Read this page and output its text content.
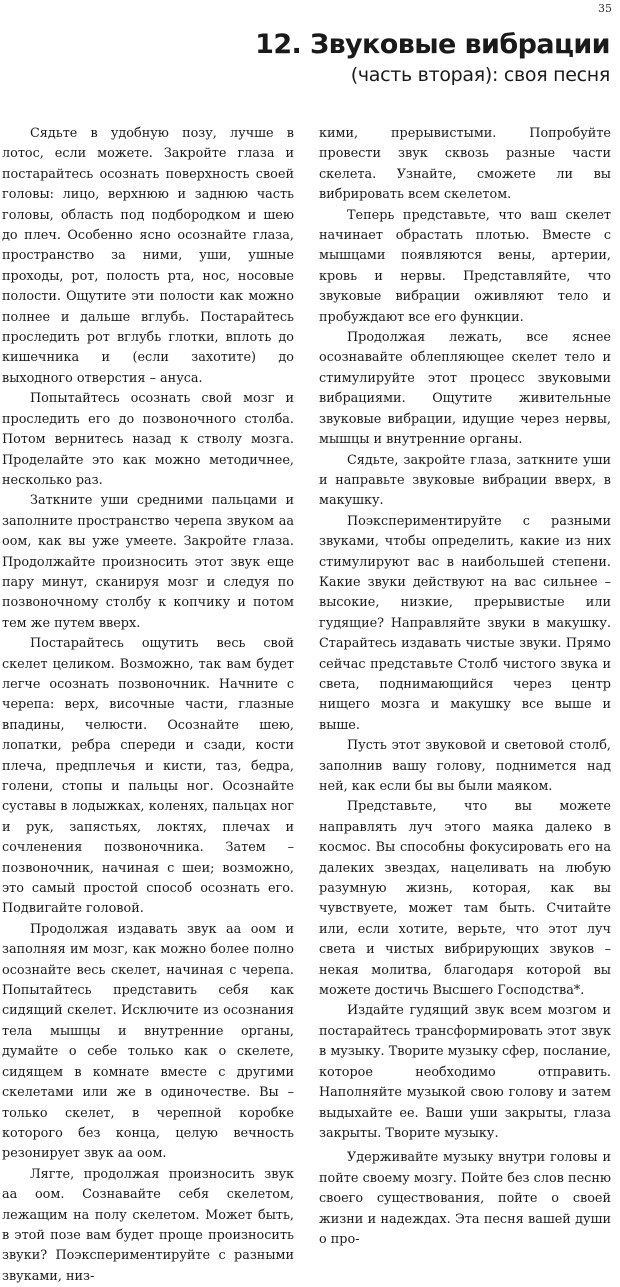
35
12. Звуковые вибрации
(часть вторая): своя песня

Сядьте в удобную позу, лучше в лотос, если можете. Закройте глаза и постарайтесь осознать поверхность своей головы: лицо, верхнюю и заднюю часть головы, область под подбородком и шею до плеч. Особенно ясно осознайте глаза, пространство за ними, уши, ушные проходы, рот, полость рта, нос, носовые полости. Ощутите эти полости как можно полнее и дальше вглубь. Постарайтесь проследить рот вглубь глотки, вплоть до кишечника и (если захотите) до выходного отверстия – ануса.

Попытайтесь осознать свой мозг и проследить его до позвоночного столба. Потом вернитесь назад к стволу мозга. Проделайте это как можно методичнее, несколько раз.

Заткните уши средними пальцами и заполните пространство черепа звуком аа оом, как вы уже умеете. Закройте глаза. Продолжайте произносить этот звук еще пару минут, сканируя мозг и следуя по позвоночному столбу к копчику и потом тем же путем вверх.

Постарайтесь ощутить весь свой скелет целиком. Возможно, так вам будет легче осознать позвоночник. Начните с черепа: верх, височные части, глазные впадины, челюсти. Осознайте шею, лопатки, ребра спереди и сзади, кости плеча, предплечья и кисти, таз, бедра, голени, стопы и пальцы ног. Осознайте суставы в лодыжках, коленях, пальцах ног и рук, запястьях, локтях, плечах и сочленения позвоночника. Затем – позвоночник, начиная с шеи; возможно, это самый простой способ осознать его. Подвигайте головой.

Продолжая издавать звук аа оом и заполняя им мозг, как можно более полно осознайте весь скелет, начиная с черепа. Попытайтесь представить себя как сидящий скелет. Исключите из осознания тела мышцы и внутренние органы, думайте о себе только как о скелете, сидящем в комнате вместе с другими скелетами или же в одиночестве. Вы – только скелет, в черепной коробке которого без конца, целую вечность резонирует звук аа оом.

Лягте, продолжая произносить звук аа оом. Сознавайте себя скелетом, лежащим на полу скелетом. Может быть, в этой позе вам будет проще произносить звуки? Поэкспериментируйте с разными звуками, низ-

кими, прерывистыми. Попробуйте провести звук сквозь разные части скелета. Узнайте, сможете ли вы вибрировать всем скелетом.

Теперь представьте, что ваш скелет начинает обрастать плотью. Вместе с мышцами появляются вены, артерии, кровь и нервы. Представляйте, что звуковые вибрации оживляют тело и пробуждают все его функции.

Продолжая лежать, все яснее осознавайте облепляющее скелет тело и стимулируйте этот процесс звуковыми вибрациями. Ощутите живительные звуковые вибрации, идущие через нервы, мышцы и внутренние органы.

Сядьте, закройте глаза, заткните уши и направьте звуковые вибрации вверх, в макушку.

Поэкспериментируйте с разными звуками, чтобы определить, какие из них стимулируют вас в наибольшей степени. Какие звуки действуют на вас сильнее – высокие, низкие, прерывистые или гудящие? Направляйте звуки в макушку. Старайтесь издавать чистые звуки. Прямо сейчас представьте Столб чистого звука и света, поднимающийся через центр нищего мозга и макушку все выше и выше.

Пусть этот звуковой и световой столб, заполнив вашу голову, поднимется над ней, как если бы вы были маяком.

Представьте, что вы можете направлять луч этого маяка далеко в космос. Вы способны фокусировать его на далеких звездах, нацеливать на любую разумную жизнь, которая, как вы чувствуете, может там быть. Считайте или, если хотите, верьте, что этот луч света и чистых вибрирующих звуков – некая молитва, благодаря которой вы можете достичь Высшего Господства*.

Издайте гудящий звук всем мозгом и постарайтесь трансформировать этот звук в музыку. Творите музыку сфер, послание, которое необходимо отправить. Наполняйте музыкой свою голову и затем выдыхайте ее. Ваши уши закрыты, глаза закрыты. Творите музыку.

Удерживайте музыку внутри головы и пойте своему мозгу. Пойте без слов песню своего существования, пойте о своей жизни и надеждах. Эта песня вашей души о про-
